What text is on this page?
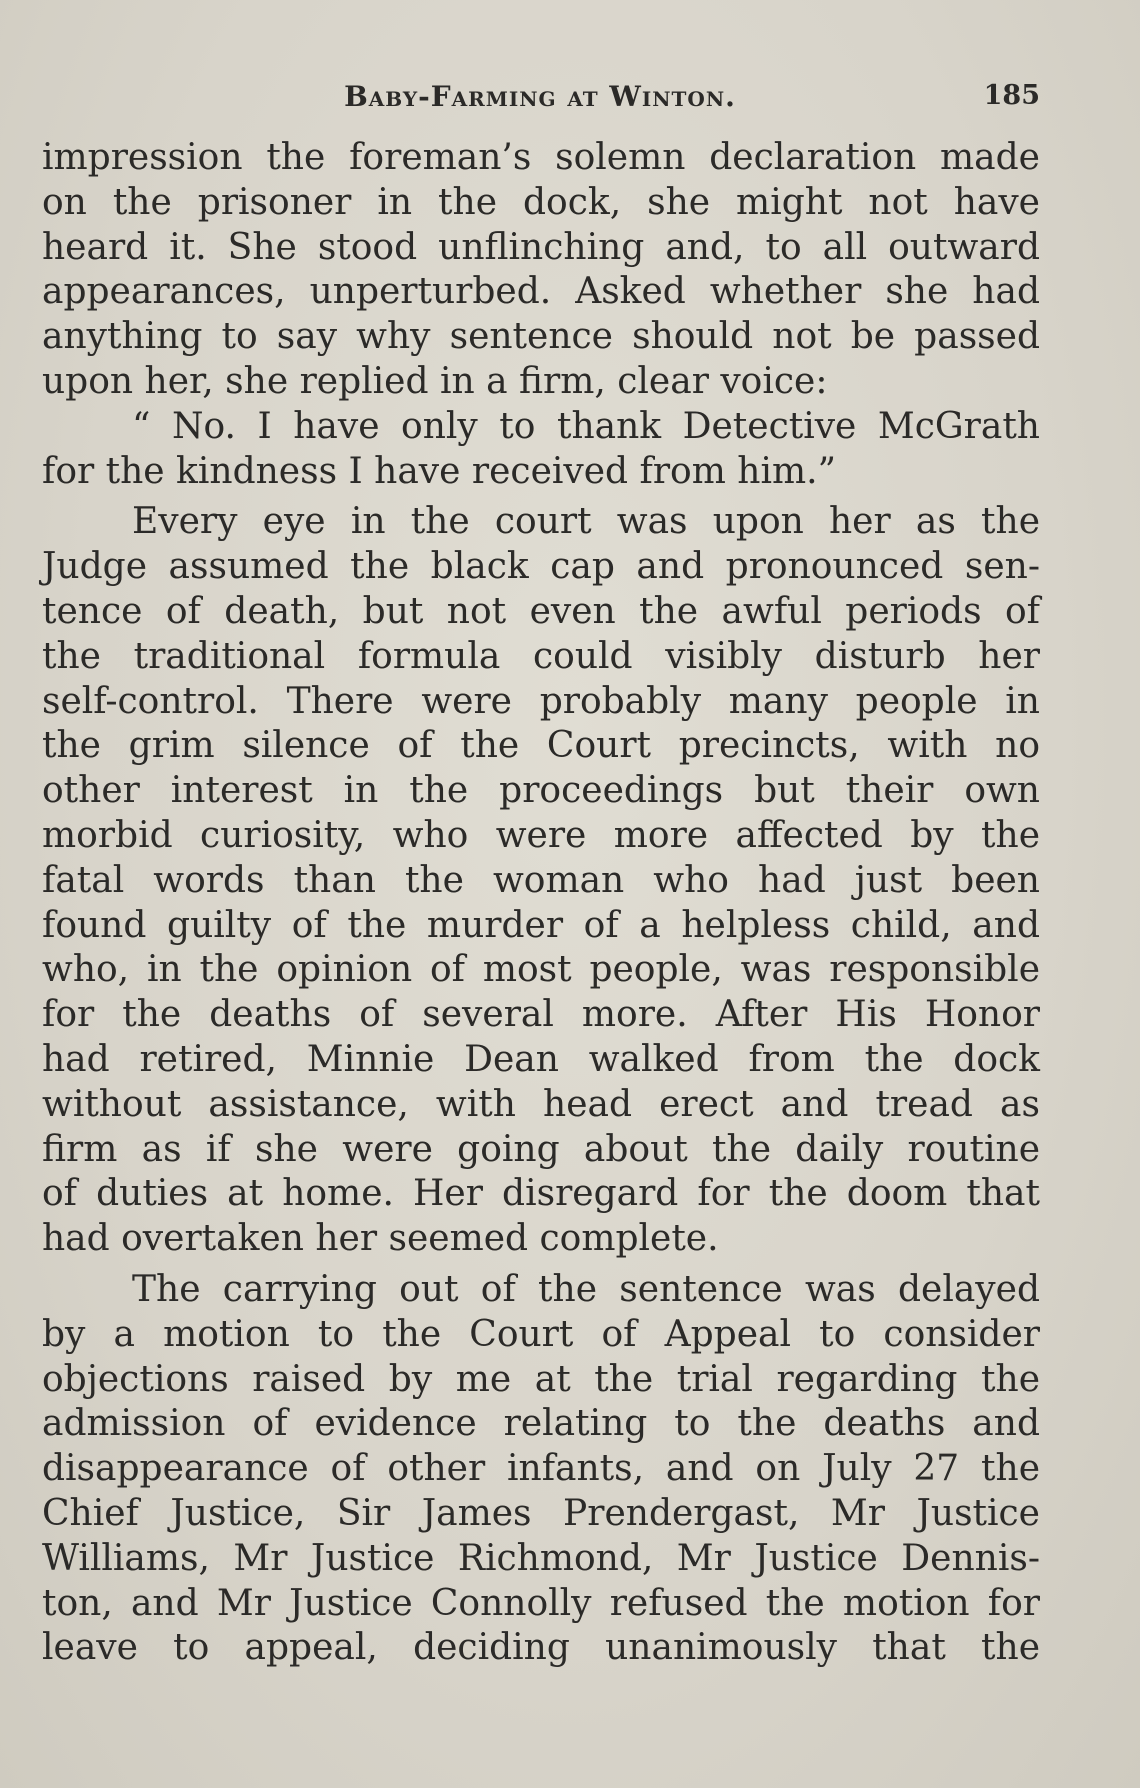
Baby-Farming at Winton.	185
impression the foreman’s solemn declaration made
on the prisoner in the dock, she might not have
heard it. She stood unflinching and, to all outward
appearances, unperturbed. Asked whether she had
anything to say why sentence should not be passed
upon her, she replied in a firm, clear voice:
“ No. I have only to thank Detective McGrath
for the kindness I have received from him.”
Every eye in the court was upon her as the
Judge assumed the black cap and pronounced sen-
tence of death, but not even the awful periods of
the traditional formula could visibly disturb her
self-control. There were probably many people in
the grim silence of the Court precincts, with no
other interest in the proceedings but their own
morbid curiosity, who were more affected by the
fatal words than the woman who had just been
found guilty of the murder of a helpless child, and
who, in the opinion of most people, was responsible
for the deaths of several more. After His Honor
had retired, Minnie Dean walked from the dock
without assistance, with head erect and tread as
firm as if she were going about the daily routine
of duties at home. Her disregard for the doom that
had overtaken her seemed complete.
The carrying out of the sentence was delayed
by a motion to the Court of Appeal to consider
objections raised by me at the trial regarding the
admission of evidence relating to the deaths and
disappearance of other infants, and on July 27 the
Chief Justice, Sir James Prendergast, Mr Justice
Williams, Mr Justice Richmond, Mr Justice Dennis-
ton, and Mr Justice Connolly refused the motion for
leave to appeal, deciding unanimously that the
